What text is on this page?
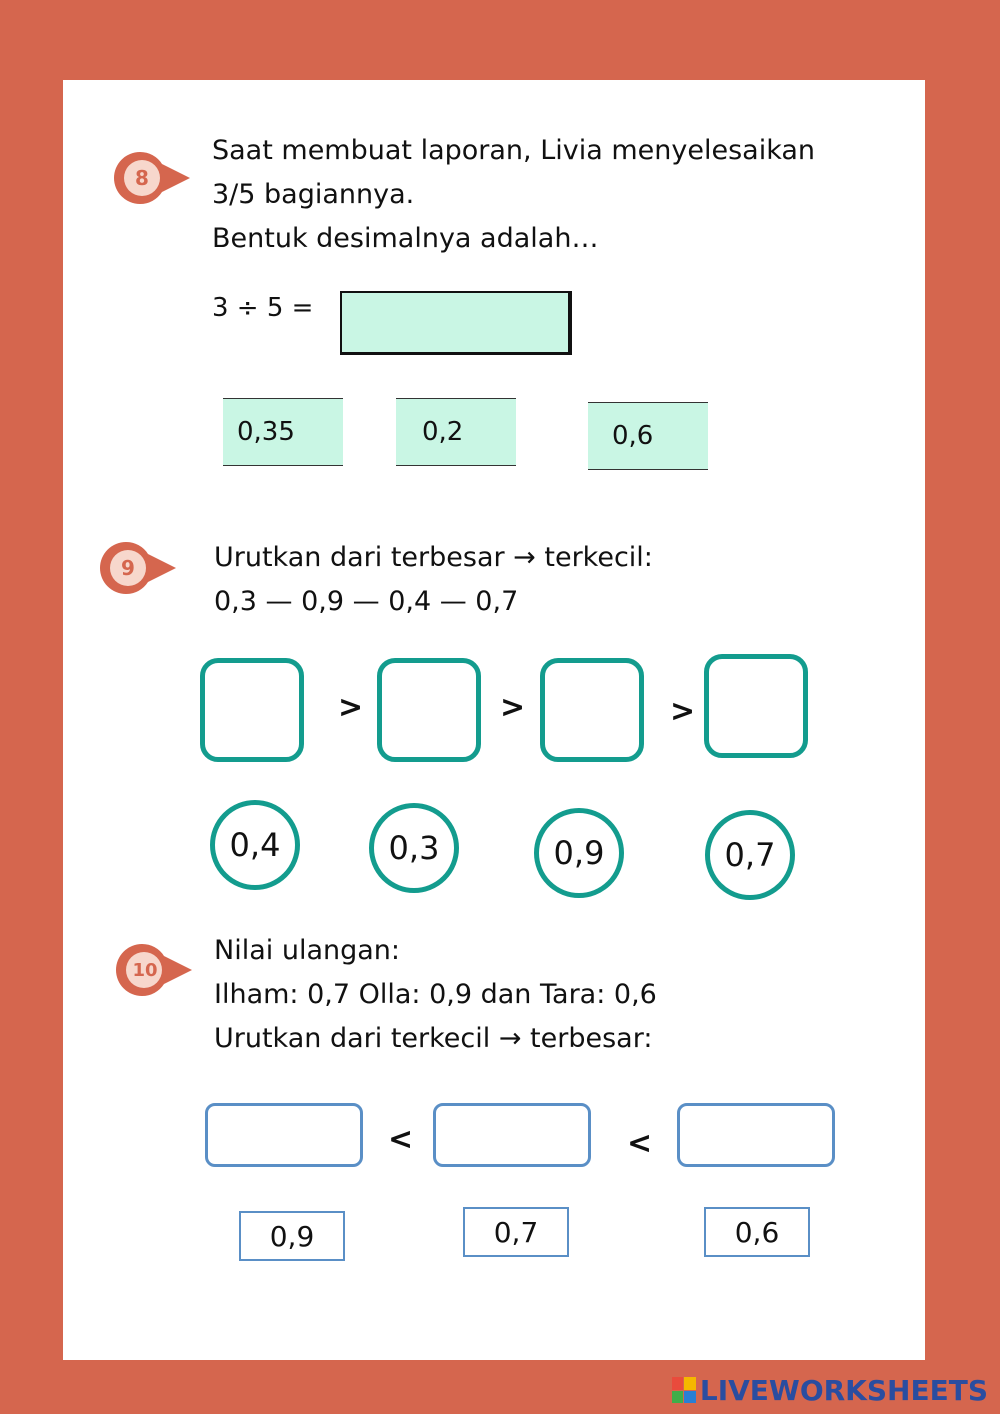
8
Saat membuat laporan, Livia menyelesaikan
3/5 bagiannya.
Bentuk desimalnya adalah…
3 ÷ 5 =
0,35	0,2	0,6
9	Urutkan dari terbesar → terkecil:
0,3 — 0,9 — 0,4 — 0,7
>	>	>
0,4	0,3	0,9	0,7
10
Nilai ulangan:
Ilham: 0,7 Olla: 0,9 dan Tara: 0,6
Urutkan dari terkecil → terbesar:
<	<
0,9	0,7	0,6
LIVEWORKSHEETS
